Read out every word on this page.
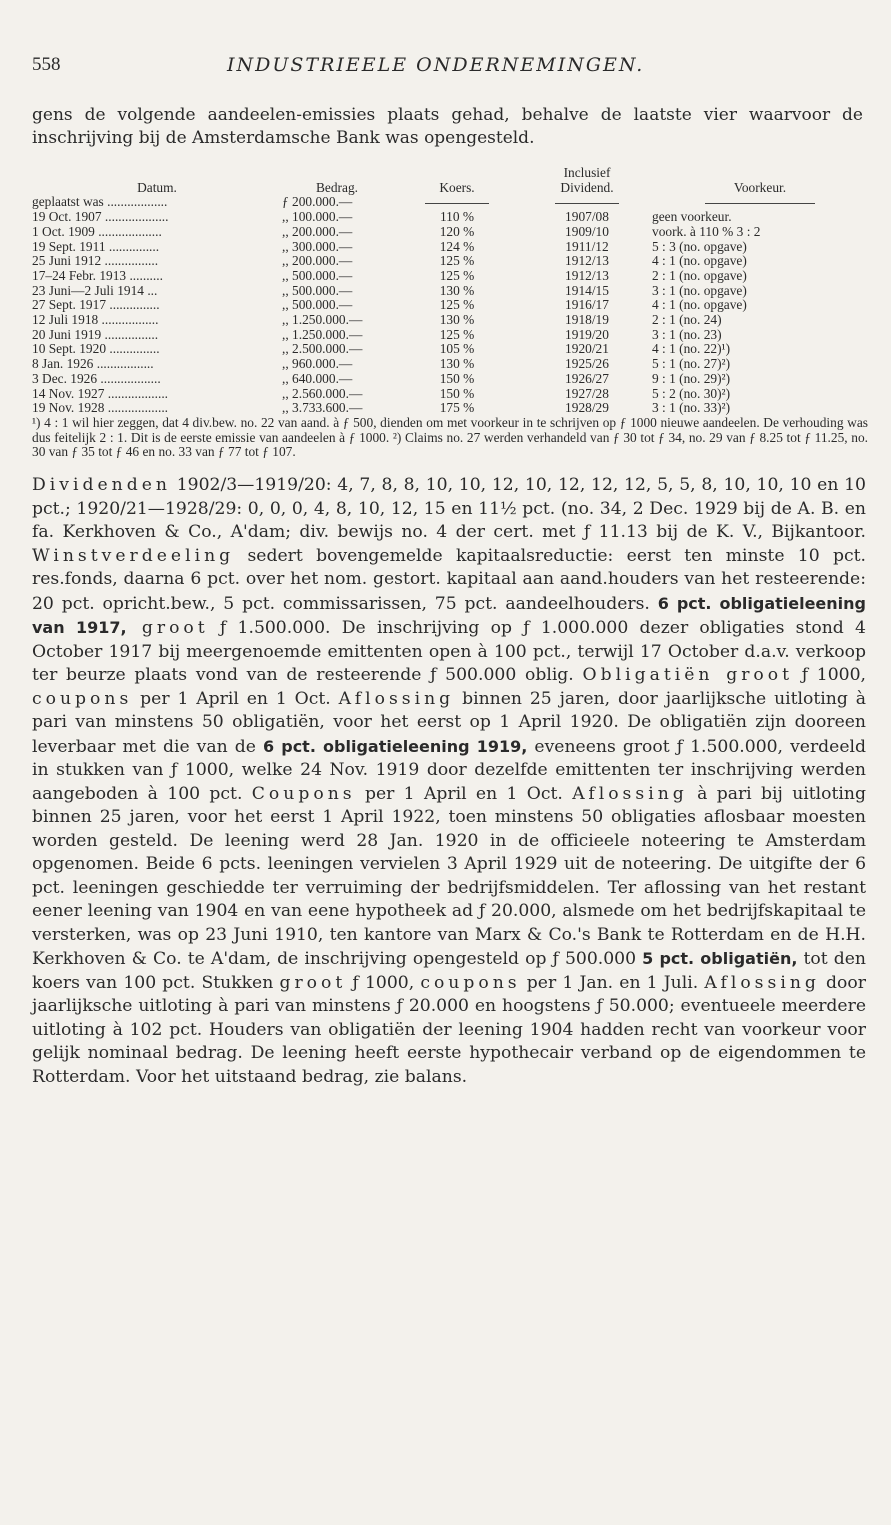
558	INDUSTRIEELE ONDERNEMINGEN.
gens de volgende aandeelen-emissies plaats gehad, behalve de laatste vier waarvoor de inschrijving bij de Amsterdamsche Bank was opengesteld.
			Inclusief	
Datum.	Bedrag.	Koers.	Dividend.	Voorkeur.
geplaatst was ..................	ƒ 200.000.—			
19 Oct. 1907 ...................	,, 100.000.—	110 %	1907/08	geen voorkeur.
1 Oct. 1909 ...................	,, 200.000.—	120 %	1909/10	voork. à 110 % 3 : 2
19 Sept. 1911 ...............	,, 300.000.—	124 %	1911/12	5 : 3 (no. opgave)
25 Juni 1912 ................	,, 200.000.—	125 %	1912/13	4 : 1 (no. opgave)
17–24 Febr. 1913 ..........	,, 500.000.—	125 %	1912/13	2 : 1 (no. opgave)
23 Juni—2 Juli 1914 ...	,, 500.000.—	130 %	1914/15	3 : 1 (no. opgave)
27 Sept. 1917 ...............	,, 500.000.—	125 %	1916/17	4 : 1 (no. opgave)
12 Juli 1918 .................	,, 1.250.000.—	130 %	1918/19	2 : 1 (no. 24)
20 Juni 1919 ................	,, 1.250.000.—	125 %	1919/20	3 : 1 (no. 23)
10 Sept. 1920 ...............	,, 2.500.000.—	105 %	1920/21	4 : 1 (no. 22)¹)
8 Jan. 1926 .................	,, 960.000.—	130 %	1925/26	5 : 1 (no. 27)²)
3 Dec. 1926 ..................	,, 640.000.—	150 %	1926/27	9 : 1 (no. 29)²)
14 Nov. 1927 ..................	,, 2.560.000.—	150 %	1927/28	5 : 2 (no. 30)²)
19 Nov. 1928 ..................	,, 3.733.600.—	175 %	1928/29	3 : 1 (no. 33)²)
¹) 4 : 1 wil hier zeggen, dat 4 div.bew. no. 22 van aand. à ƒ 500, dienden om met voorkeur in te schrijven op ƒ 1000 nieuwe aandeelen. De verhouding was dus feitelijk 2 : 1. Dit is de eerste emissie van aandeelen à ƒ 1000. ²) Claims no. 27 werden verhandeld van ƒ 30 tot ƒ 34, no. 29 van ƒ 8.25 tot ƒ 11.25, no. 30 van ƒ 35 tot ƒ 46 en no. 33 van ƒ 77 tot ƒ 107.
Dividenden 1902/3—1919/20: 4, 7, 8, 8, 10, 10, 12, 10, 12, 12, 12, 5, 5, 8, 10, 10, 10 en 10 pct.; 1920/21—1928/29: 0, 0, 0, 4, 8, 10, 12, 15 en 11½ pct. (no. 34, 2 Dec. 1929 bij de A. B. en fa. Kerkhoven & Co., A'dam; div. bewijs no. 4 der cert. met ƒ 11.13 bij de K. V., Bijkantoor. Winstverdeeling sedert bovengemelde kapitaalsreductie: eerst ten minste 10 pct. res.fonds, daarna 6 pct. over het nom. gestort. kapitaal aan aand.houders van het resteerende: 20 pct. opricht.bew., 5 pct. commissarissen, 75 pct. aandeelhouders. 6 pct. obligatieleening van 1917, groot ƒ 1.500.000. De inschrijving op ƒ 1.000.000 dezer obligaties stond 4 October 1917 bij meergenoemde emittenten open à 100 pct., terwijl 17 October d.a.v. verkoop ter beurze plaats vond van de resteerende ƒ 500.000 oblig. Obligatiën groot ƒ 1000, coupons per 1 April en 1 Oct. Aflossing binnen 25 jaren, door jaarlijksche uitloting à pari van minstens 50 obligatiën, voor het eerst op 1 April 1920. De obligatiën zijn dooreen leverbaar met die van de 6 pct. obligatieleening 1919, eveneens groot ƒ 1.500.000, verdeeld in stukken van ƒ 1000, welke 24 Nov. 1919 door dezelfde emittenten ter inschrijving werden aangeboden à 100 pct. Coupons per 1 April en 1 Oct. Aflossing à pari bij uitloting binnen 25 jaren, voor het eerst 1 April 1922, toen minstens 50 obligaties aflosbaar moesten worden gesteld. De leening werd 28 Jan. 1920 in de officieele noteering te Amsterdam opgenomen. Beide 6 pcts. leeningen vervielen 3 April 1929 uit de noteering. De uitgifte der 6 pct. leeningen geschiedde ter verruiming der bedrijfsmiddelen. Ter aflossing van het restant eener leening van 1904 en van eene hypotheek ad ƒ 20.000, alsmede om het bedrijfskapitaal te versterken, was op 23 Juni 1910, ten kantore van Marx & Co.'s Bank te Rotterdam en de H.H. Kerkhoven & Co. te A'dam, de inschrijving opengesteld op ƒ 500.000 5 pct. obligatiën, tot den koers van 100 pct. Stukken groot ƒ 1000, coupons per 1 Jan. en 1 Juli. Aflossing door jaarlijksche uitloting à pari van minstens ƒ 20.000 en hoogstens ƒ 50.000; eventueele meerdere uitloting à 102 pct. Houders van obligatiën der leening 1904 hadden recht van voorkeur voor gelijk nominaal bedrag. De leening heeft eerste hypothecair verband op de eigendommen te Rotterdam. Voor het uitstaand bedrag, zie balans.
